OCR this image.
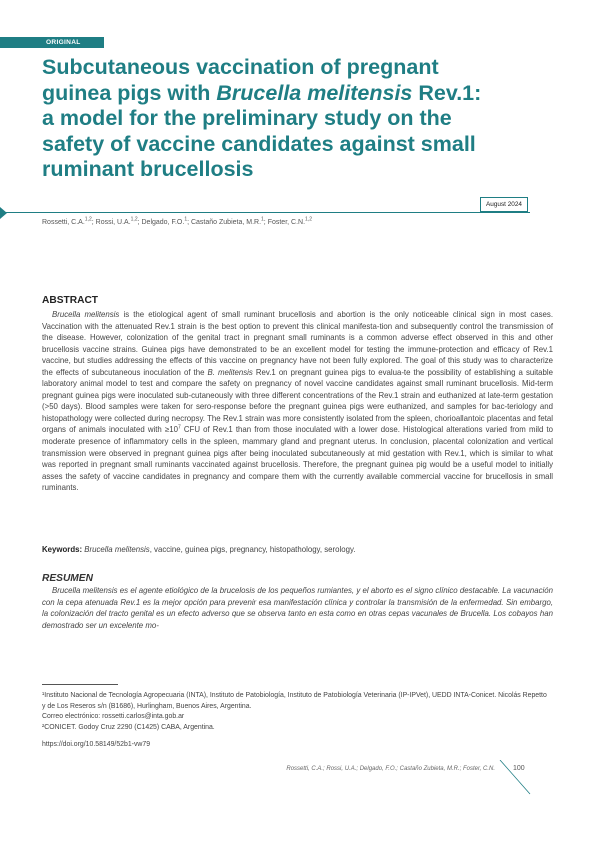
ORIGINAL PAPER
Subcutaneous vaccination of pregnant guinea pigs with Brucella melitensis Rev.1: a model for the preliminary study on the safety of vaccine candidates against small ruminant brucellosis
August 2024
Rossetti, C.A.$^{1,2}$; Rossi, U.A.$^{1,2}$; Delgado, F.O.$^1$; Castaño Zubieta, M.R.$^1$; Foster, C.N.$^{1,2}$
ABSTRACT

Brucella melitensis is the etiological agent of small ruminant brucellosis and abortion is the only noticeable clinical sign in most cases. Vaccination with the attenuated Rev.1 strain is the best option to prevent this clinical manifesta-tion and subsequently control the transmission of the disease. However, colonization of the genital tract in pregnant small ruminants is a common adverse effect observed in this and other brucellosis vaccine strains. Guinea pigs have demonstrated to be an excellent model for testing the immune-protection and efficacy of Rev.1 vaccine, but studies addressing the effects of this vaccine on pregnancy have not been fully explored. The goal of this study was to characterize the effects of subcutaneous inoculation of the B. melitensis Rev.1 on pregnant guinea pigs to evalua-te the possibility of establishing a suitable laboratory animal model to test and compare the safety on pregnancy of novel vaccine candidates against small ruminant brucellosis. Mid-term pregnant guinea pigs were inoculated sub-cutaneously with three different concentrations of the Rev.1 strain and euthanized at late-term gestation (>50 days). Blood samples were taken for sero-response before the pregnant guinea pigs were euthanized, and samples for bac-teriology and histopathology were collected during necropsy. The Rev.1 strain was more consistently isolated from the spleen, chorioallantoic placentas and fetal organs of animals inoculated with $\ge 10^7$ CFU of Rev.1 than from those inoculated with a lower dose. Histological alterations varied from mild to moderate presence of inflammatory cells in the spleen, mammary gland and pregnant uterus. In conclusion, placental colonization and vertical transmission were observed in pregnant guinea pigs after being inoculated subcutaneously at mid gestation with Rev.1, which is similar to what was reported in pregnant small ruminants vaccinated against brucellosis. Therefore, the pregnant guinea pig would be a useful model to initially asses the safety of vaccine candidates in pregnancy and compare them with the currently available commercial vaccine for brucellosis in small ruminants.

Keywords: Brucella melitensis, vaccine, guinea pigs, pregnancy, histopathology, serology.
RESUMEN

Brucella melitensis es el agente etiológico de la brucelosis de los pequeños rumiantes, y el aborto es el signo clínico destacable. La vacunación con la cepa atenuada Rev.1 es la mejor opción para prevenir esa manifestación clínica y controlar la transmisión de la enfermedad. Sin embargo, la colonización del tracto genital es un efecto adverso que se observa tanto en esta como en otras cepas vacunales de Brucella. Los cobayos han demostrado ser un excelente mo-

¹Instituto Nacional de Tecnología Agropecuaria (INTA), Instituto de Patobiología, Instituto de Patobiología Veterinaria (IP-IPVet), UEDD INTA-Conicet. Nicolás Repetto y de Los Reseros s/n (B1686), Hurlingham, Buenos Aires, Argentina.

Correo electrónico: rossetti.carlos@inta.gob.ar

²CONICET. Godoy Cruz 2290 (C1425) CABA, Argentina.

https://doi.org/10.58149/52b1-vw79
Rossetti, C.A.; Rossi, U.A.; Delgado, F.O.; Castaño Zubieta, M.R.; Foster, C.N.	100
